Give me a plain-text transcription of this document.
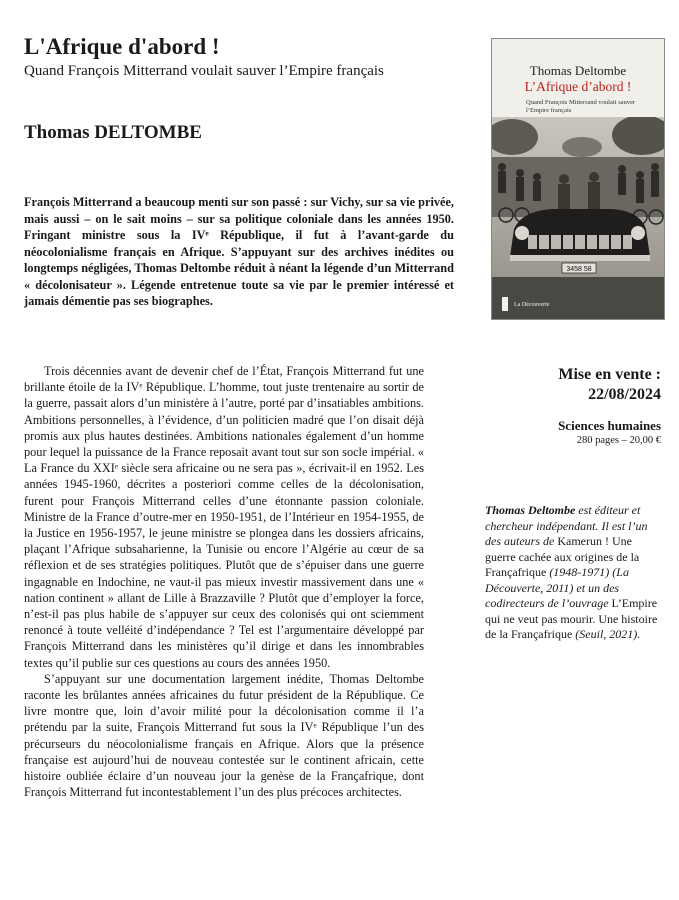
L'Afrique d'abord !
Quand François Mitterrand voulait sauver l’Empire français
Thomas DELTOMBE

François Mitterrand a beaucoup menti sur son passé : sur Vichy, sur sa vie privée, mais aussi – on le sait moins – sur sa politique coloniale dans les années 1950. Fringant ministre sous la IVᵉ République, il fut à l’avant-garde du néocolonialisme français en Afrique. S’appuyant sur des archives inédites ou longtemps négligées, Thomas Deltombe réduit à néant la légende d’un Mitterrand « décolonisateur ». Légende entretenue toute sa vie par le premier intéressé et jamais démentie pas ses biographes.

Thomas Deltombe
L’Afrique d’abord !
Quand François Mitterrand voulait sauver l’Empire français
3458 58
La Découverte

Trois décennies avant de devenir chef de l’État, François Mitterrand fut une brillante étoile de la IVᵉ République. L’homme, tout juste trentenaire au sortir de la guerre, passait alors d’un ministère à l’autre, porté par d’insatiables ambitions. Ambitions personnelles, à l’évidence, d’un politicien madré que l’on disait déjà promis aux plus hautes destinées. Ambitions nationales également d’un homme pour lequel la puissance de la France reposait avant tout sur son socle impérial. « La France du XXIᵉ siècle sera africaine ou ne sera pas », écrivait-il en 1952. Les années 1945-1960, décrites a posteriori comme celles de la décolonisation, furent pour François Mitterrand celles d’une étonnante passion coloniale. Ministre de la France d’outre-mer en 1950-1951, de l’Intérieur en 1954-1955, de la Justice en 1956-1957, le jeune ministre se plongea dans les dossiers africains, plaçant l’Afrique subsaharienne, la Tunisie ou encore l’Algérie au cœur de sa réflexion et de ses stratégies politiques. Plutôt que de s’épuiser dans une guerre ingagnable en Indochine, ne vaut-il pas mieux investir massivement dans une « nation continent » allant de Lille à Brazzaville ? Plutôt que d’employer la force, n’est-il pas plus habile de s’appuyer sur ceux des colonisés qui ont sciemment renoncé à toute velléité d’indépendance ? Tel est l’argumentaire développé par François Mitterrand dans les ministères qu’il dirige et dans les innombrables textes qu’il publie sur ces questions au cours des années 1950.

S’appuyant sur une documentation largement inédite, Thomas Deltombe raconte les brûlantes années africaines du futur président de la République. Ce livre montre que, loin d’avoir milité pour la décolonisation comme il l’a prétendu par la suite, François Mitterrand fut sous la IVᵉ République l’un des précurseurs du néocolonialisme français en Afrique. Alors que la présence française est aujourd’hui de nouveau contestée sur le continent africain, cette histoire oubliée éclaire d’un nouveau jour la genèse de la Françafrique, dont François Mitterrand fut incontestablement l’un des plus précoces architectes.

Mise en vente :
22/08/2024
Sciences humaines
280 pages – 20,00 €

Thomas Deltombe est éditeur et chercheur indépendant. Il est l’un des auteurs de Kamerun ! Une guerre cachée aux origines de la Françafrique (1948-1971) (La Découverte, 2011) et un des codirecteurs de l’ouvrage L’Empire qui ne veut pas mourir. Une histoire de la Françafrique (Seuil, 2021).
